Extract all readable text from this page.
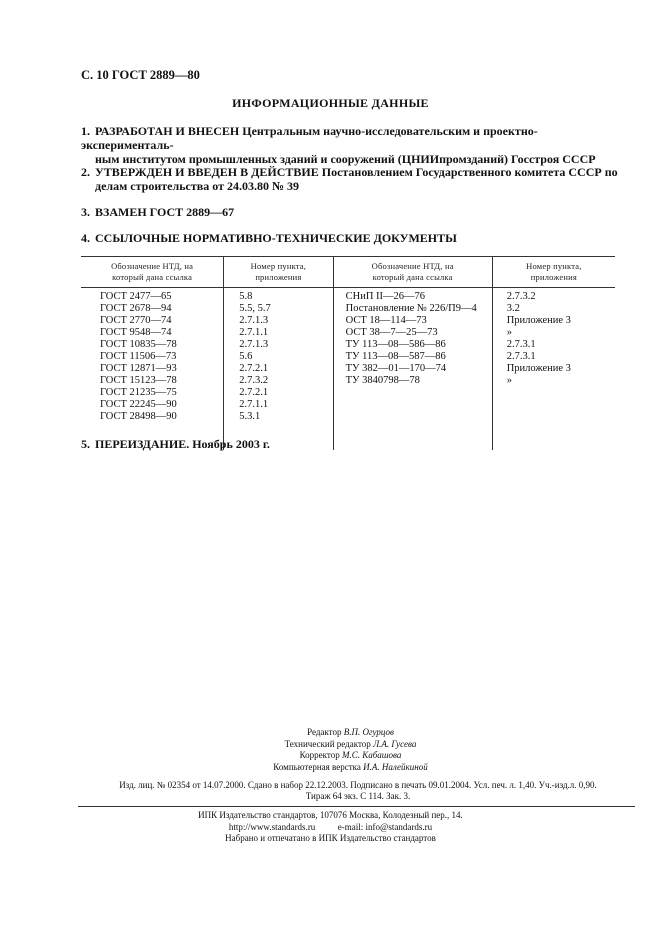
С. 10 ГОСТ 2889—80
ИНФОРМАЦИОННЫЕ ДАННЫЕ
1. РАЗРАБОТАН И ВНЕСЕН Центральным научно-исследовательским и проектно-эксперименталь-
ным институтом промышленных зданий и сооружений (ЦНИИпромзданий) Госстроя СССР
2. УТВЕРЖДЕН И ВВЕДЕН В ДЕЙСТВИЕ Постановлением Государственного комитета СССР по
делам строительства от 24.03.80 № 39
3. ВЗАМЕН ГОСТ 2889—67
4. ССЫЛОЧНЫЕ НОРМАТИВНО-ТЕХНИЧЕСКИЕ ДОКУМЕНТЫ
Обозначение НТД, на
который дана ссылка
Номер пункта,
приложения
Обозначение НТД, на
который дана ссылка
Номер пункта,
приложения
ГОСТ 2477—65
ГОСТ 2678—94
ГОСТ 2770—74
ГОСТ 9548—74
ГОСТ 10835—78
ГОСТ 11506—73
ГОСТ 12871—93
ГОСТ 15123—78
ГОСТ 21235—75
ГОСТ 22245—90
ГОСТ 28498—90
5.8
5.5, 5.7
2.7.1.3
2.7.1.1
2.7.1.3
5.6
2.7.2.1
2.7.3.2
2.7.2.1
2.7.1.1
5.3.1
СНиП II—26—76
Постановление № 226/П9—4
ОСТ 18—114—73
ОСТ 38—7—25—73
ТУ 113—08—586—86
ТУ 113—08—587—86
ТУ 382—01—170—74
ТУ 3840798—78
2.7.3.2
3.2
Приложение 3
»
2.7.3.1
2.7.3.1
Приложение 3
»
5. ПЕРЕИЗДАНИЕ. Ноябрь 2003 г.
Редактор В.П. Огурцов
Технический редактор Л.А. Гусева
Корректор М.С. Кабашова
Компьютерная верстка И.А. Налейкиной
Изд. лиц. № 02354 от 14.07.2000. Сдано в набор 22.12.2003. Подписано в печать 09.01.2004. Усл. печ. л. 1,40. Уч.-изд.л. 0,90.
Тираж 64 экз. С 114. Зак. 3.
ИПК Издательство стандартов, 107076 Москва, Колодезный пер., 14.
http://www.standards.ru          e-mail: info@standards.ru
Набрано и отпечатано в ИПК Издательство стандартов
